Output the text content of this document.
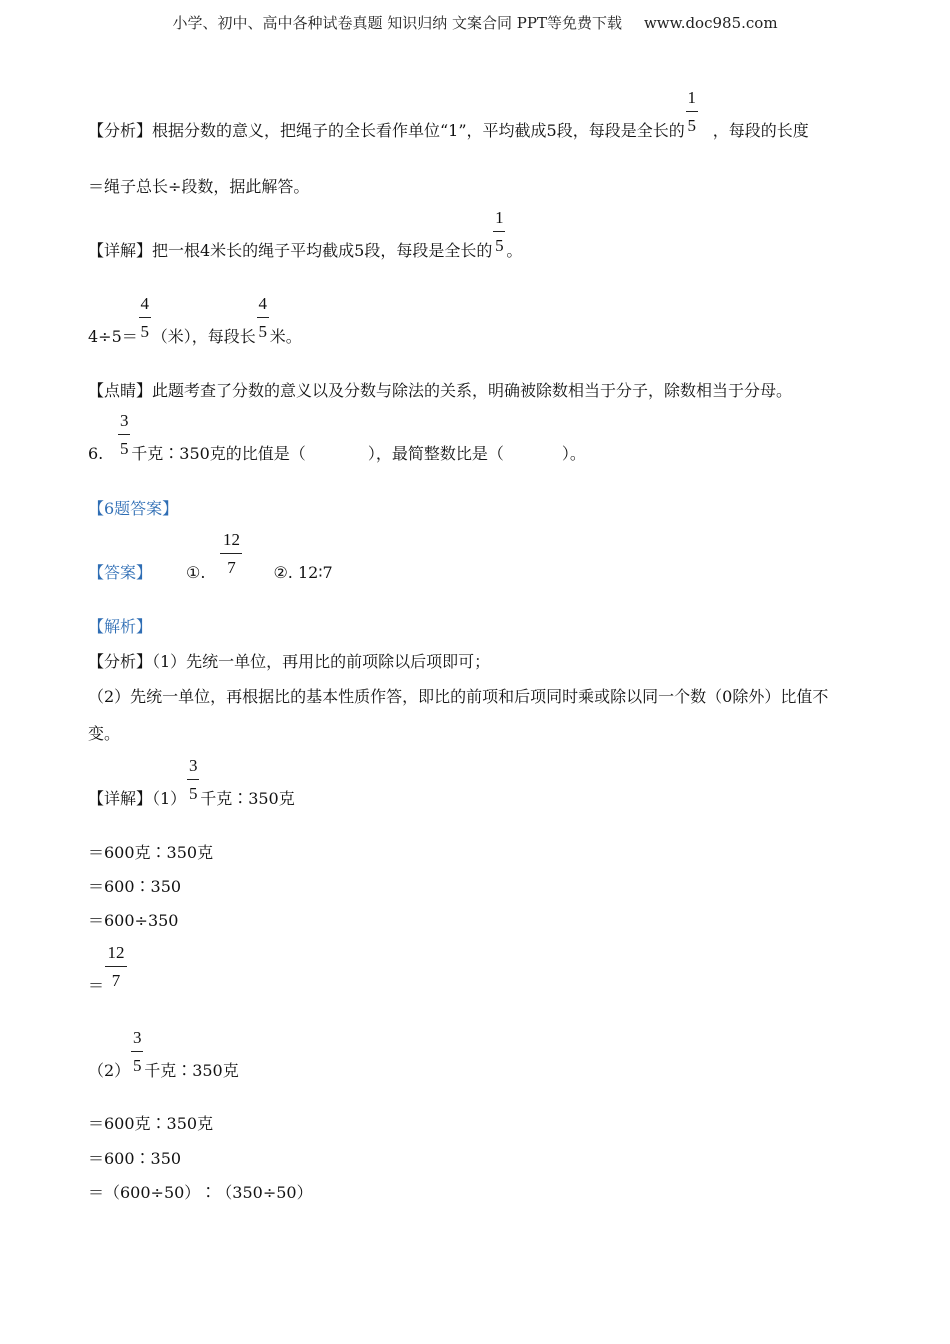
小学、初中、高中各种试卷真题 知识归纳 文案合同 PPT等免费下载 www.doc985.com
【分析】根据分数的意义，把绳子的全长看作单位“1”，平均截成5段，每段是全长的 $\frac{1}{5}$ ，每段的长度
＝绳子总长÷段数，据此解答。
【详解】把一根4米长的绳子平均截成5段，每段是全长的 $\frac{1}{5}$ 。
$4\div 5= \frac{4}{5}$ （米），每段长 $\frac{4}{5}$ 米。
【点睛】此题考查了分数的意义以及分数与除法的关系，明确被除数相当于分子，除数相当于分母。
6. $\frac{3}{5}$ 千克∶350克的比值是（	），最简整数比是（	）。
【6题答案】
【答案】 ①. $\frac{12}{7}$ ②. 12∶7
【解析】
【分析】（1）先统一单位，再用比的前项除以后项即可；
（2）先统一单位，再根据比的基本性质作答，即比的前项和后项同时乘或除以同一个数（0除外）比值不
变。
【详解】$(1) \frac{3}{5}$ 千克∶350克
＝600克∶350克
＝600∶350
＝600÷350
＝ $\frac{12}{7}$
$(2) \frac{3}{5}$ 千克∶350克
＝600克∶350克
＝600∶350
＝（600÷50）∶（350÷50）
